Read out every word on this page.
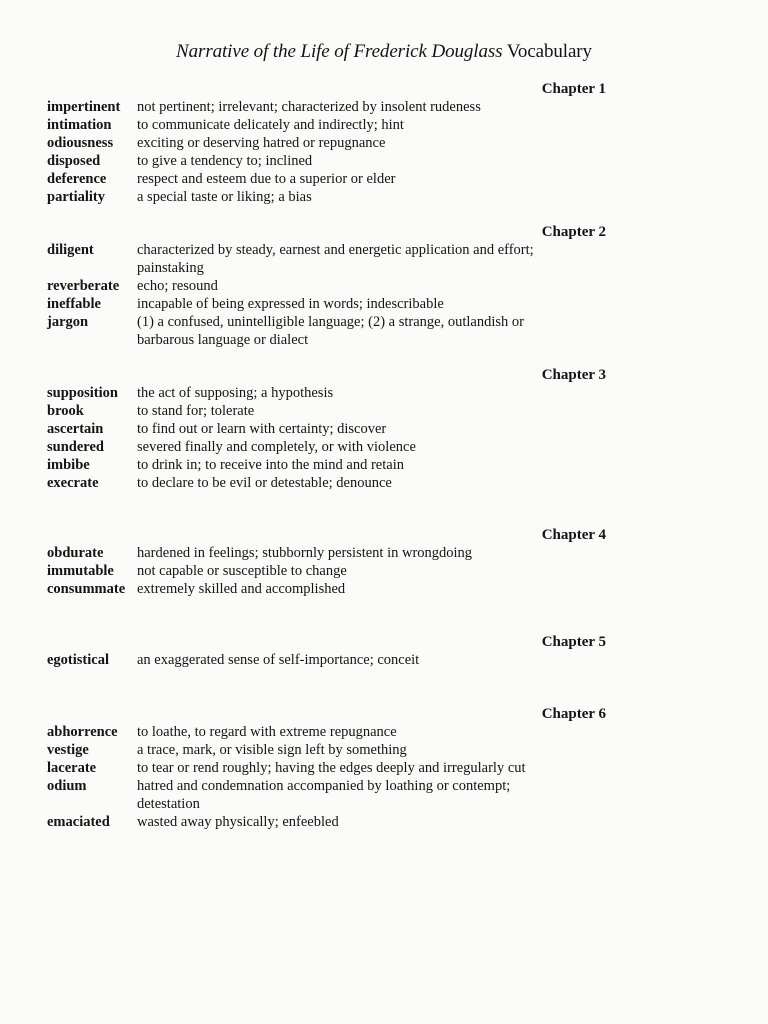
Narrative of the Life of Frederick Douglass Vocabulary
Chapter 1
impertinent	not pertinent; irrelevant; characterized by insolent rudeness
intimation	to communicate delicately and indirectly; hint
odiousness	exciting or deserving hatred or repugnance
disposed	to give a tendency to; inclined
deference	respect and esteem due to a superior or elder
partiality	a special taste or liking; a bias
Chapter 2
diligent	characterized by steady, earnest and energetic application and effort; painstaking
reverberate	echo; resound
ineffable	incapable of being expressed in words; indescribable
jargon	(1) a confused, unintelligible language; (2) a strange, outlandish or barbarous language or dialect
Chapter 3
supposition	the act of supposing; a hypothesis
brook	to stand for; tolerate
ascertain	to find out or learn with certainty; discover
sundered	severed finally and completely, or with violence
imbibe	to drink in; to receive into the mind and retain
execrate	to declare to be evil or detestable; denounce
Chapter 4
obdurate	hardened in feelings; stubbornly persistent in wrongdoing
immutable	not capable or susceptible to change
consummate extremely skilled and accomplished
Chapter 5
egotistical	an exaggerated sense of self-importance; conceit
Chapter 6
abhorrence	to loathe, to regard with extreme repugnance
vestige	a trace, mark, or visible sign left by something
lacerate	to tear or rend roughly; having the edges deeply and irregularly cut
odium	hatred and condemnation accompanied by loathing or contempt; detestation
emaciated	wasted away physically; enfeebled
